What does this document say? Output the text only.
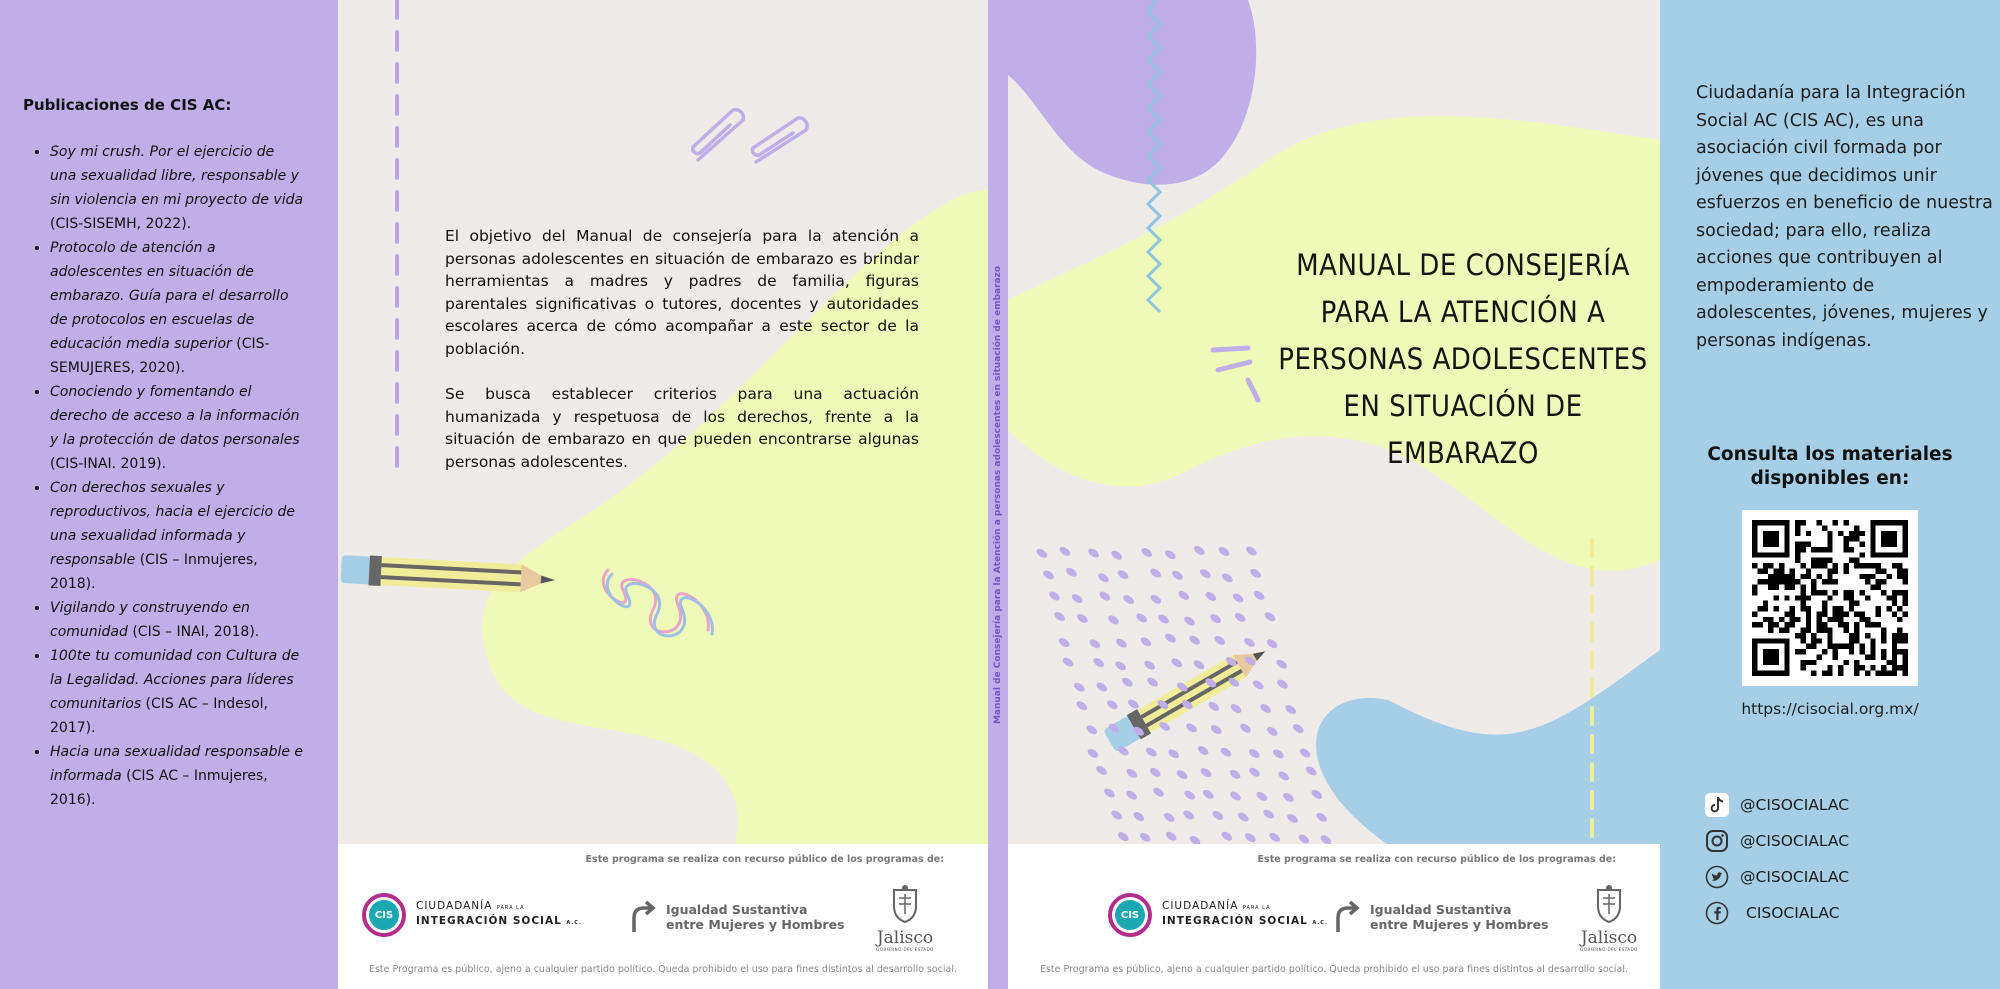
Publicaciones de CIS AC:
• Soy mi crush. Por el ejercicio de una sexualidad libre, responsable y sin violencia en mi proyecto de vida (CIS-SISEMH, 2022).
• Protocolo de atención a adolescentes en situación de embarazo. Guía para el desarrollo de protocolos en escuelas de educación media superior (CIS-SEMUJERES, 2020).
• Conociendo y fomentando el derecho de acceso a la información y la protección de datos personales (CIS-INAI. 2019).
• Con derechos sexuales y reproductivos, hacia el ejercicio de una sexualidad informada y responsable (CIS – Inmujeres, 2018).
• Vigilando y construyendo en comunidad (CIS – INAI, 2018).
• 100te tu comunidad con Cultura de la Legalidad. Acciones para líderes comunitarios (CIS AC – Indesol, 2017).
• Hacia una sexualidad responsable e informada (CIS AC – Inmujeres, 2016).

El objetivo del Manual de consejería para la atención a personas adolescentes en situación de embarazo es brindar herramientas a madres y padres de familia, figuras parentales significativas o tutores, docentes y autoridades escolares acerca de cómo acompañar a este sector de la población.

Se busca establecer criterios para una actuación humanizada y respetuosa de los derechos, frente a la situación de embarazo en que pueden encontrarse algunas personas adolescentes.

Este programa se realiza con recurso público de los programas de:
CIS
CIUDADANÍA PARA LA
INTEGRACIÓN SOCIAL A.C.
Igualdad Sustantiva
entre Mujeres y Hombres
Jalisco
GOBIERNO DEL ESTADO
Este Programa es público, ajeno a cualquier partido político. Queda prohibido el uso para fines distintos al desarrollo social.
Manual de Consejería para la Atención a personas adolescentes en situación de embarazo
MANUAL DE CONSEJERÍA PARA LA ATENCIÓN A PERSONAS ADOLESCENTES EN SITUACIÓN DE EMBARAZO
Este programa se realiza con recurso público de los programas de:
CIS
CIUDADANÍA PARA LA
INTEGRACIÓN SOCIAL A.C.
Igualdad Sustantiva
entre Mujeres y Hombres
Jalisco
GOBIERNO DEL ESTADO
Este Programa es público, ajeno a cualquier partido político. Queda prohibido el uso para fines distintos al desarrollo social.
Ciudadanía para la Integración Social AC (CIS AC), es una asociación civil formada por jóvenes que decidimos unir esfuerzos en beneficio de nuestra sociedad; para ello, realiza acciones que contribuyen al empoderamiento de adolescentes, jóvenes, mujeres y personas indígenas.
Consulta los materiales disponibles en:
https://cisocial.org.mx/
@CISOCIALAC
@CISOCIALAC
@CISOCIALAC
CISOCIALAC
